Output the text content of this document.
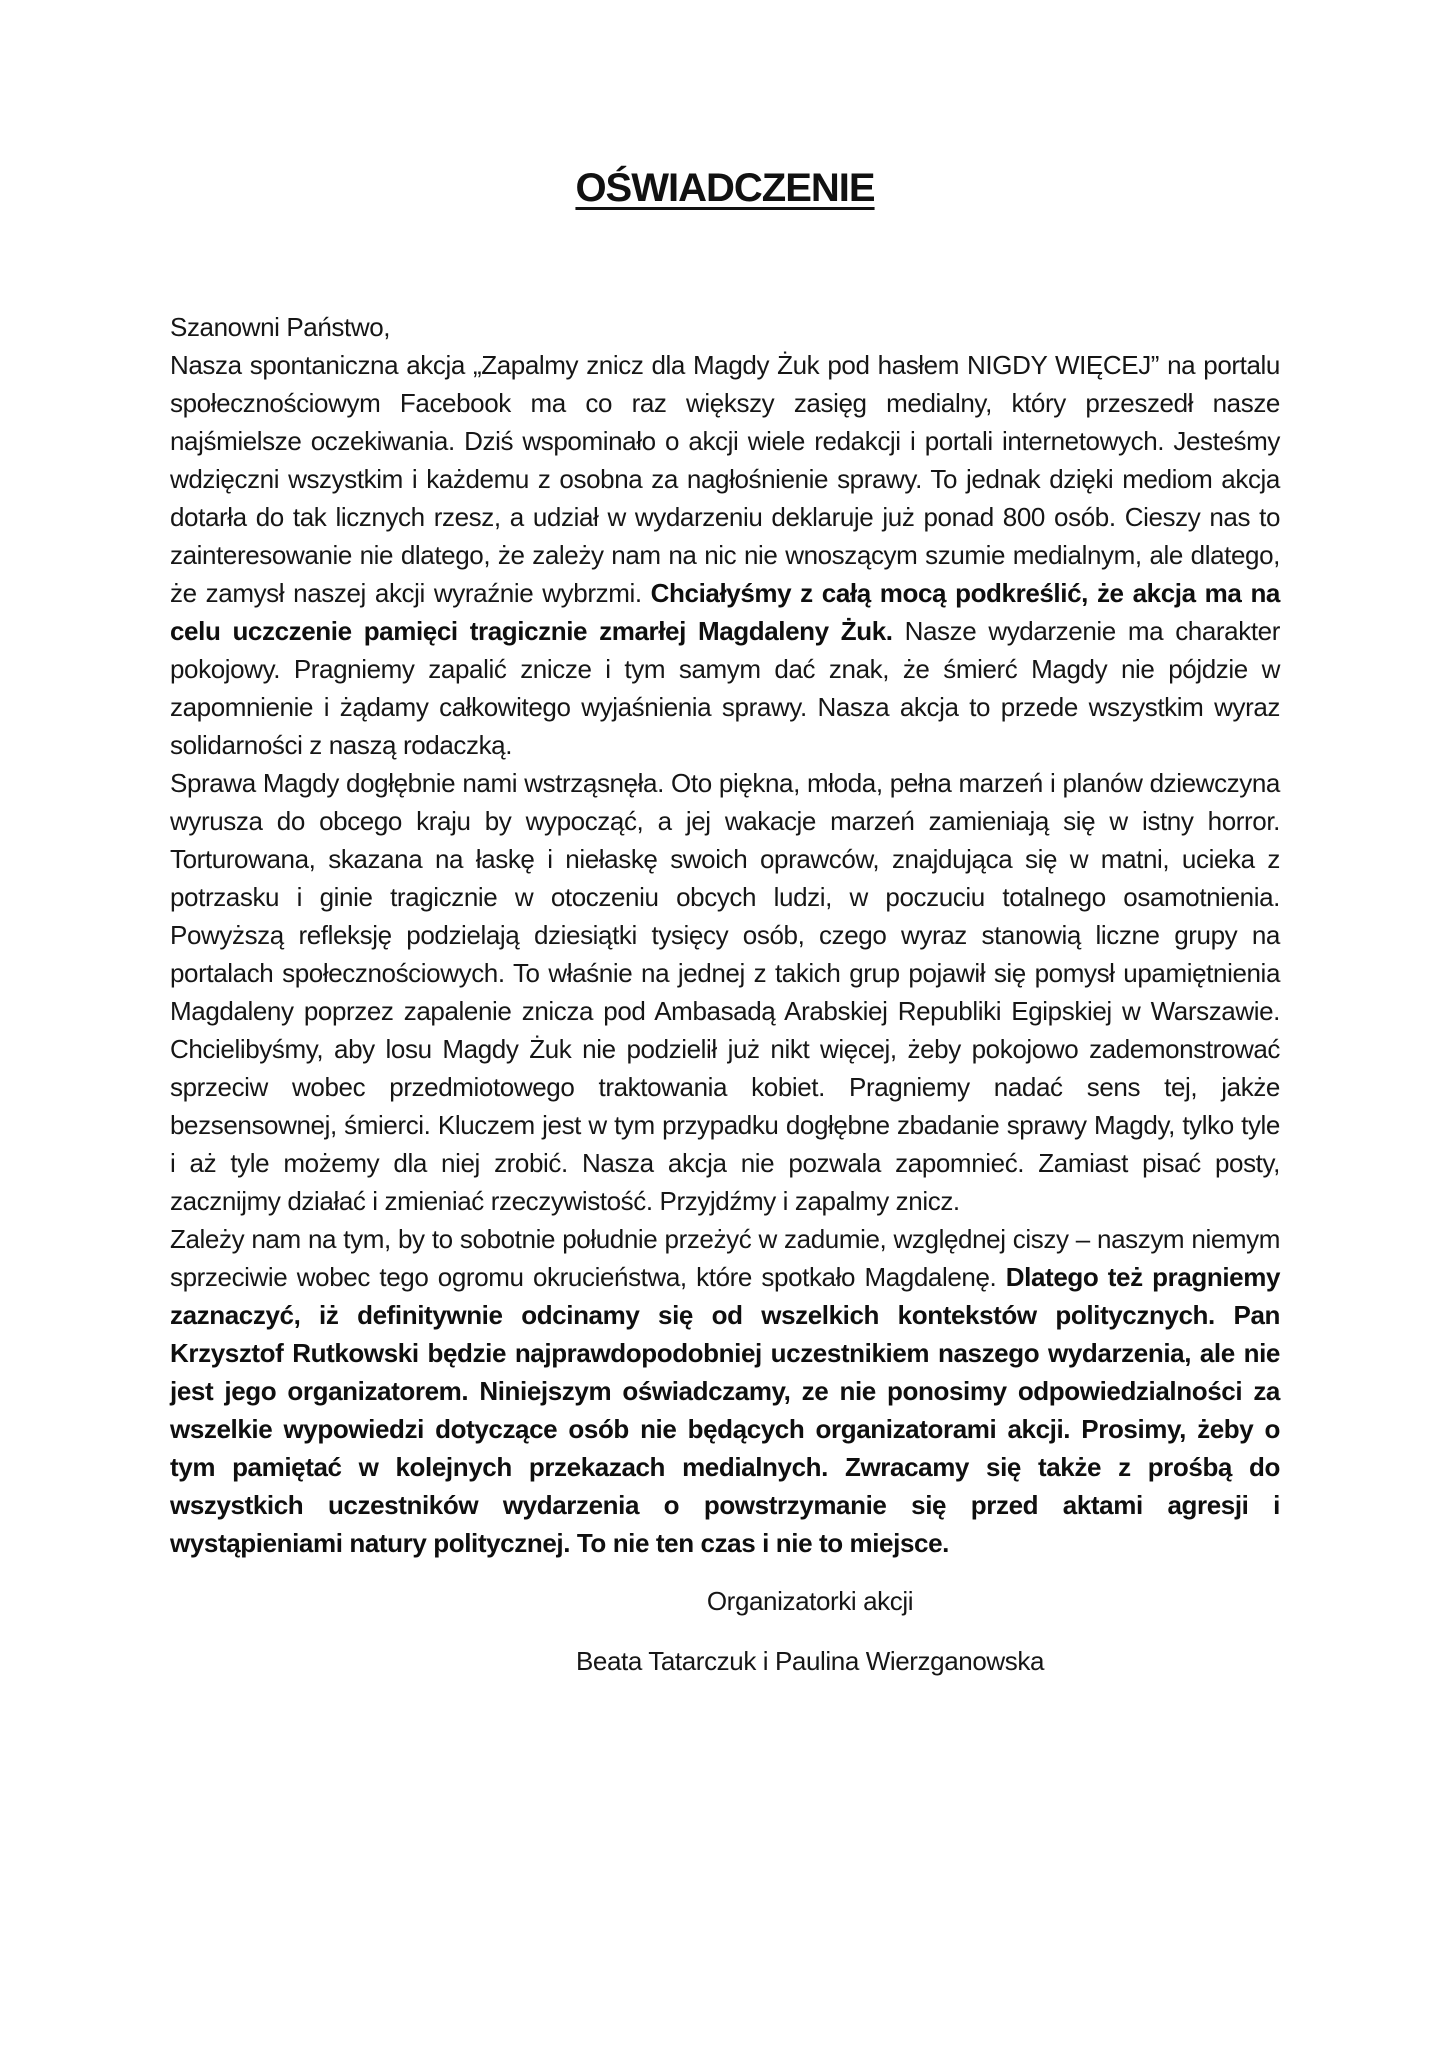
OŚWIADCZENIE

Szanowni Państwo,

Nasza spontaniczna akcja „Zapalmy znicz dla Magdy Żuk pod hasłem NIGDY WIĘCEJ” na portalu społecznościowym Facebook ma co raz większy zasięg medialny, który przeszedł nasze najśmielsze oczekiwania. Dziś wspominało o akcji wiele redakcji i portali internetowych. Jesteśmy wdzięczni wszystkim i każdemu z osobna za nagłośnienie sprawy. To jednak dzięki mediom akcja dotarła do tak licznych rzesz, a udział w wydarzeniu deklaruje już ponad 800 osób. Cieszy nas to zainteresowanie nie dlatego, że zależy nam na nic nie wnoszącym szumie medialnym, ale dlatego, że zamysł naszej akcji wyraźnie wybrzmi. Chciałyśmy z całą mocą podkreślić, że akcja ma na celu uczczenie pamięci tragicznie zmarłej Magdaleny Żuk. Nasze wydarzenie ma charakter pokojowy. Pragniemy zapalić znicze i tym samym dać znak, że śmierć Magdy nie pójdzie w zapomnienie i żądamy całkowitego wyjaśnienia sprawy. Nasza akcja to przede wszystkim wyraz solidarności z naszą rodaczką.

Sprawa Magdy dogłębnie nami wstrząsnęła. Oto piękna, młoda, pełna marzeń i planów dziewczyna wyrusza do obcego kraju by wypocząć, a jej wakacje marzeń zamieniają się w istny horror. Torturowana, skazana na łaskę i niełaskę swoich oprawców, znajdująca się w matni, ucieka z potrzasku i ginie tragicznie w otoczeniu obcych ludzi, w poczuciu totalnego osamotnienia. Powyższą refleksję podzielają dziesiątki tysięcy osób, czego wyraz stanowią liczne grupy na portalach społecznościowych. To właśnie na jednej z takich grup pojawił się pomysł upamiętnienia Magdaleny poprzez zapalenie znicza pod Ambasadą Arabskiej Republiki Egipskiej w Warszawie. Chcielibyśmy, aby losu Magdy Żuk nie podzielił już nikt więcej, żeby pokojowo zademonstrować sprzeciw wobec przedmiotowego traktowania kobiet. Pragniemy nadać sens tej, jakże bezsensownej, śmierci. Kluczem jest w tym przypadku dogłębne zbadanie sprawy Magdy, tylko tyle i aż tyle możemy dla niej zrobić. Nasza akcja nie pozwala zapomnieć. Zamiast pisać posty, zacznijmy działać i zmieniać rzeczywistość. Przyjdźmy i zapalmy znicz.

Zależy nam na tym, by to sobotnie południe przeżyć w zadumie, względnej ciszy – naszym niemym sprzeciwie wobec tego ogromu okrucieństwa, które spotkało Magdalenę. Dlatego też pragniemy zaznaczyć, iż definitywnie odcinamy się od wszelkich kontekstów politycznych. Pan Krzysztof Rutkowski będzie najprawdopodobniej uczestnikiem naszego wydarzenia, ale nie jest jego organizatorem. Niniejszym oświadczamy, ze nie ponosimy odpowiedzialności za wszelkie wypowiedzi dotyczące osób nie będących organizatorami akcji. Prosimy, żeby o tym pamiętać w kolejnych przekazach medialnych. Zwracamy się także z prośbą do wszystkich uczestników wydarzenia o powstrzymanie się przed aktami agresji i wystąpieniami natury politycznej. To nie ten czas i nie to miejsce.

Organizatorki akcji
Beata Tatarczuk i Paulina Wierzganowska
